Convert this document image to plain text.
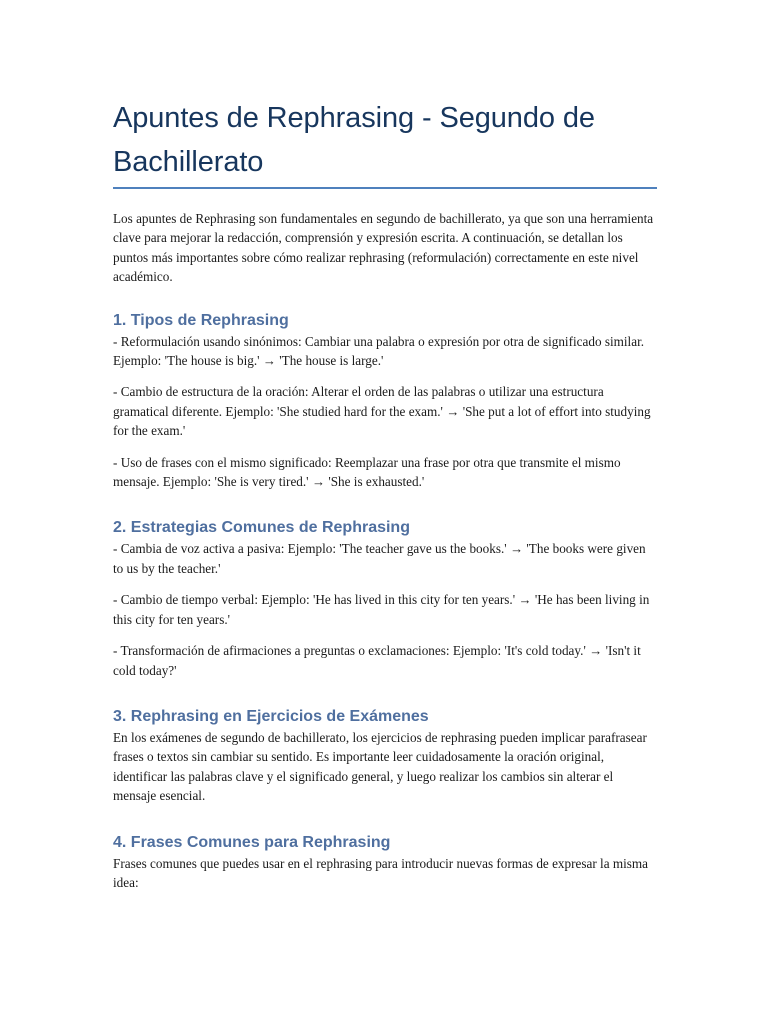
Apuntes de Rephrasing - Segundo de Bachillerato

Los apuntes de Rephrasing son fundamentales en segundo de bachillerato, ya que son una herramienta clave para mejorar la redacción, comprensión y expresión escrita. A continuación, se detallan los puntos más importantes sobre cómo realizar rephrasing (reformulación) correctamente en este nivel académico.

1. Tipos de Rephrasing

- Reformulación usando sinónimos: Cambiar una palabra o expresión por otra de significado similar. Ejemplo: 'The house is big.' → 'The house is large.'

- Cambio de estructura de la oración: Alterar el orden de las palabras o utilizar una estructura gramatical diferente. Ejemplo: 'She studied hard for the exam.' → 'She put a lot of effort into studying for the exam.'

- Uso de frases con el mismo significado: Reemplazar una frase por otra que transmite el mismo mensaje. Ejemplo: 'She is very tired.' → 'She is exhausted.'

2. Estrategias Comunes de Rephrasing

- Cambia de voz activa a pasiva: Ejemplo: 'The teacher gave us the books.' → 'The books were given to us by the teacher.'

- Cambio de tiempo verbal: Ejemplo: 'He has lived in this city for ten years.' → 'He has been living in this city for ten years.'

- Transformación de afirmaciones a preguntas o exclamaciones: Ejemplo: 'It's cold today.' → 'Isn't it cold today?'

3. Rephrasing en Ejercicios de Exámenes

En los exámenes de segundo de bachillerato, los ejercicios de rephrasing pueden implicar parafrasear frases o textos sin cambiar su sentido. Es importante leer cuidadosamente la oración original, identificar las palabras clave y el significado general, y luego realizar los cambios sin alterar el mensaje esencial.

4. Frases Comunes para Rephrasing

Frases comunes que puedes usar en el rephrasing para introducir nuevas formas de expresar la misma idea:
